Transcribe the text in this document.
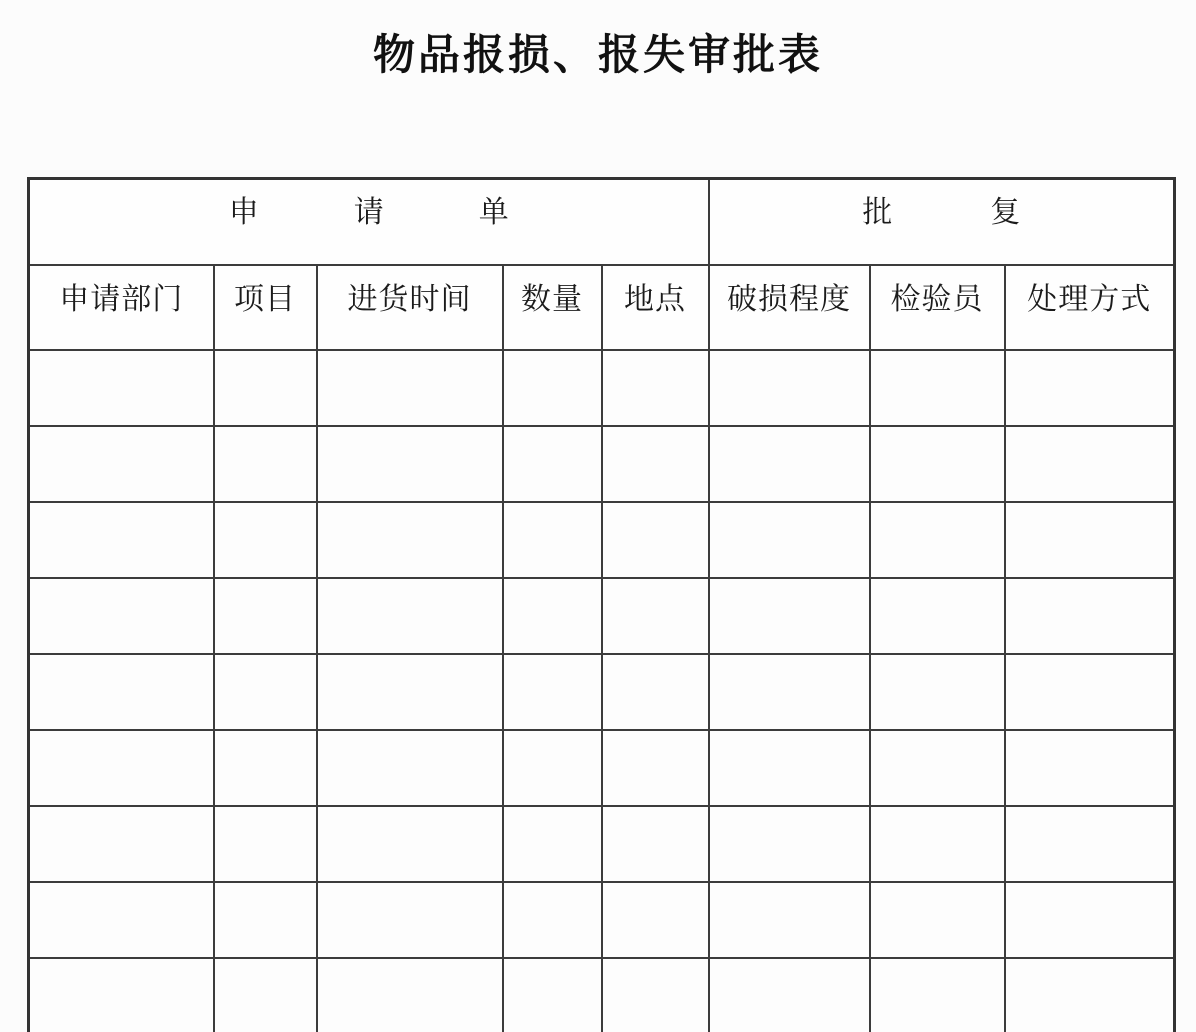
物品报损、报失审批表
申请单					批复		
申请部门	项目	进货时间	数量	地点	破损程度	检验员	处理方式
